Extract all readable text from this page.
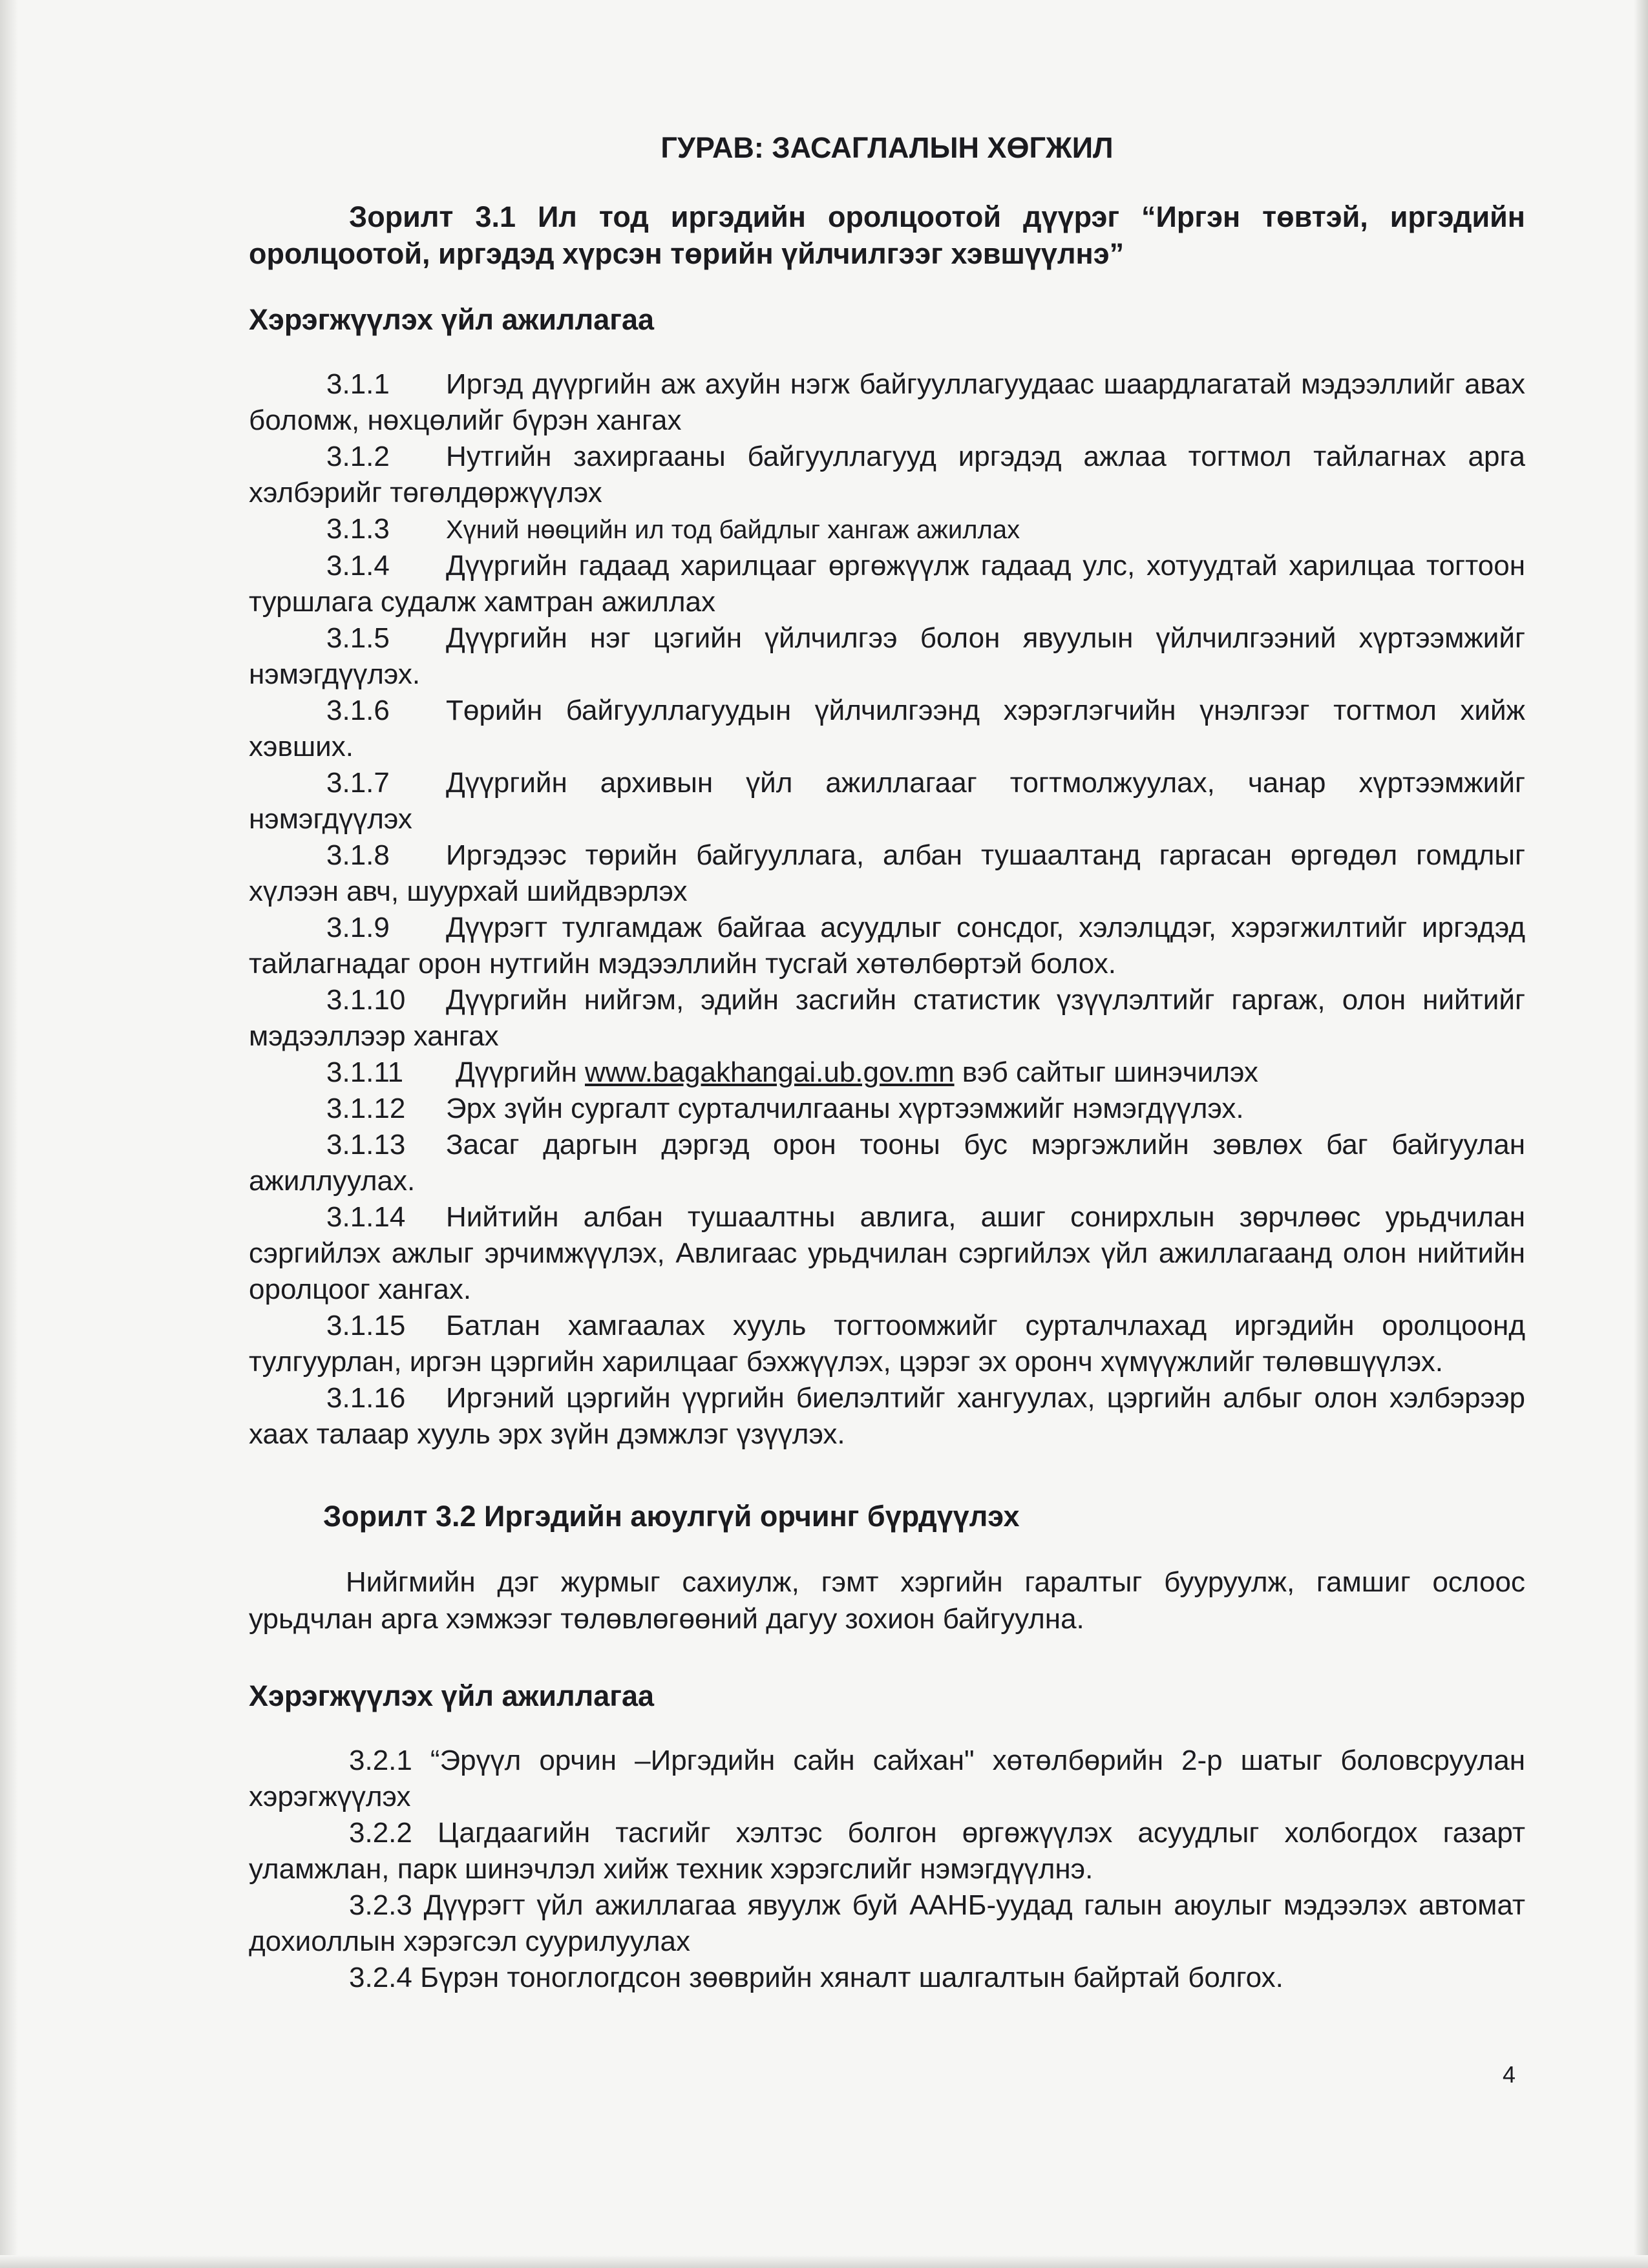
ГУРАВ: ЗАСАГЛАЛЫН ХӨГЖИЛ

Зорилт 3.1 Ил тод иргэдийн оролцоотой дүүрэг “Иргэн төвтэй, иргэдийн оролцоотой, иргэдэд хүрсэн төрийн үйлчилгээг хэвшүүлнэ”

Хэрэгжүүлэх үйл ажиллагаа

3.1.1 Иргэд дүүргийн аж ахуйн нэгж байгууллагуудаас шаардлагатай мэдээллийг авах боломж, нөхцөлийг бүрэн хангах

3.1.2 Нутгийн захиргааны байгууллагууд иргэдэд ажлаа тогтмол тайлагнах арга хэлбэрийг төгөлдөржүүлэх

3.1.3 Хүний нөөцийн ил тод байдлыг хангаж ажиллах

3.1.4 Дүүргийн гадаад харилцааг өргөжүүлж гадаад улс, хотуудтай харилцаа тогтоон туршлага судалж хамтран ажиллах

3.1.5 Дүүргийн нэг цэгийн үйлчилгээ болон явуулын үйлчилгээний хүртээмжийг нэмэгдүүлэх.

3.1.6 Төрийн байгууллагуудын үйлчилгээнд хэрэглэгчийн үнэлгээг тогтмол хийж хэвших.

3.1.7 Дүүргийн архивын үйл ажиллагааг тогтмолжуулах, чанар хүртээмжийг нэмэгдүүлэх

3.1.8 Иргэдээс төрийн байгууллага, албан тушаалтанд гаргасан өргөдөл гомдлыг хүлээн авч, шуурхай шийдвэрлэх

3.1.9 Дүүрэгт тулгамдаж байгаа асуудлыг сонсдог, хэлэлцдэг, хэрэгжилтийг иргэдэд тайлагнадаг орон нутгийн мэдээллийн тусгай хөтөлбөртэй болох.

3.1.10 Дүүргийн нийгэм, эдийн засгийн статистик үзүүлэлтийг гаргаж, олон нийтийг мэдээллээр хангах

3.1.11 Дүүргийн www.bagakhangai.ub.gov.mn вэб сайтыг шинэчилэх

3.1.12 Эрх зүйн сургалт сурталчилгааны хүртээмжийг нэмэгдүүлэх.

3.1.13 Засаг даргын дэргэд орон тооны бус мэргэжлийн зөвлөх баг байгуулан ажиллуулах.

3.1.14 Нийтийн албан тушаалтны авлига, ашиг сонирхлын зөрчлөөс урьдчилан сэргийлэх ажлыг эрчимжүүлэх, Авлигаас урьдчилан сэргийлэх үйл ажиллагаанд олон нийтийн оролцоог хангах.

3.1.15 Батлан хамгаалах хууль тогтоомжийг сурталчлахад иргэдийн оролцоонд тулгуурлан, иргэн цэргийн харилцааг бэхжүүлэх, цэрэг эх оронч хүмүүжлийг төлөвшүүлэх.

3.1.16 Иргэний цэргийн үүргийн биелэлтийг хангуулах, цэргийн албыг олон хэлбэрээр хаах талаар хууль эрх зүйн дэмжлэг үзүүлэх.

Зорилт 3.2 Иргэдийн аюулгүй орчинг бүрдүүлэх

Нийгмийн дэг журмыг сахиулж, гэмт хэргийн гаралтыг бууруулж, гамшиг ослоос урьдчлан арга хэмжээг төлөвлөгөөний дагуу зохион байгуулна.

Хэрэгжүүлэх үйл ажиллагаа

3.2.1 “Эрүүл орчин –Иргэдийн сайн сайхан" хөтөлбөрийн 2-р шатыг боловсруулан хэрэгжүүлэх

3.2.2 Цагдаагийн тасгийг хэлтэс болгон өргөжүүлэх асуудлыг холбогдох газарт уламжлан, парк шинэчлэл хийж техник хэрэгслийг нэмэгдүүлнэ.

3.2.3 Дүүрэгт үйл ажиллагаа явуулж буй ААНБ-уудад галын аюулыг мэдээлэх автомат дохиоллын хэрэгсэл суурилуулах

3.2.4 Бүрэн тоноглогдсон зөөврийн хяналт шалгалтын байртай болгох.

4
